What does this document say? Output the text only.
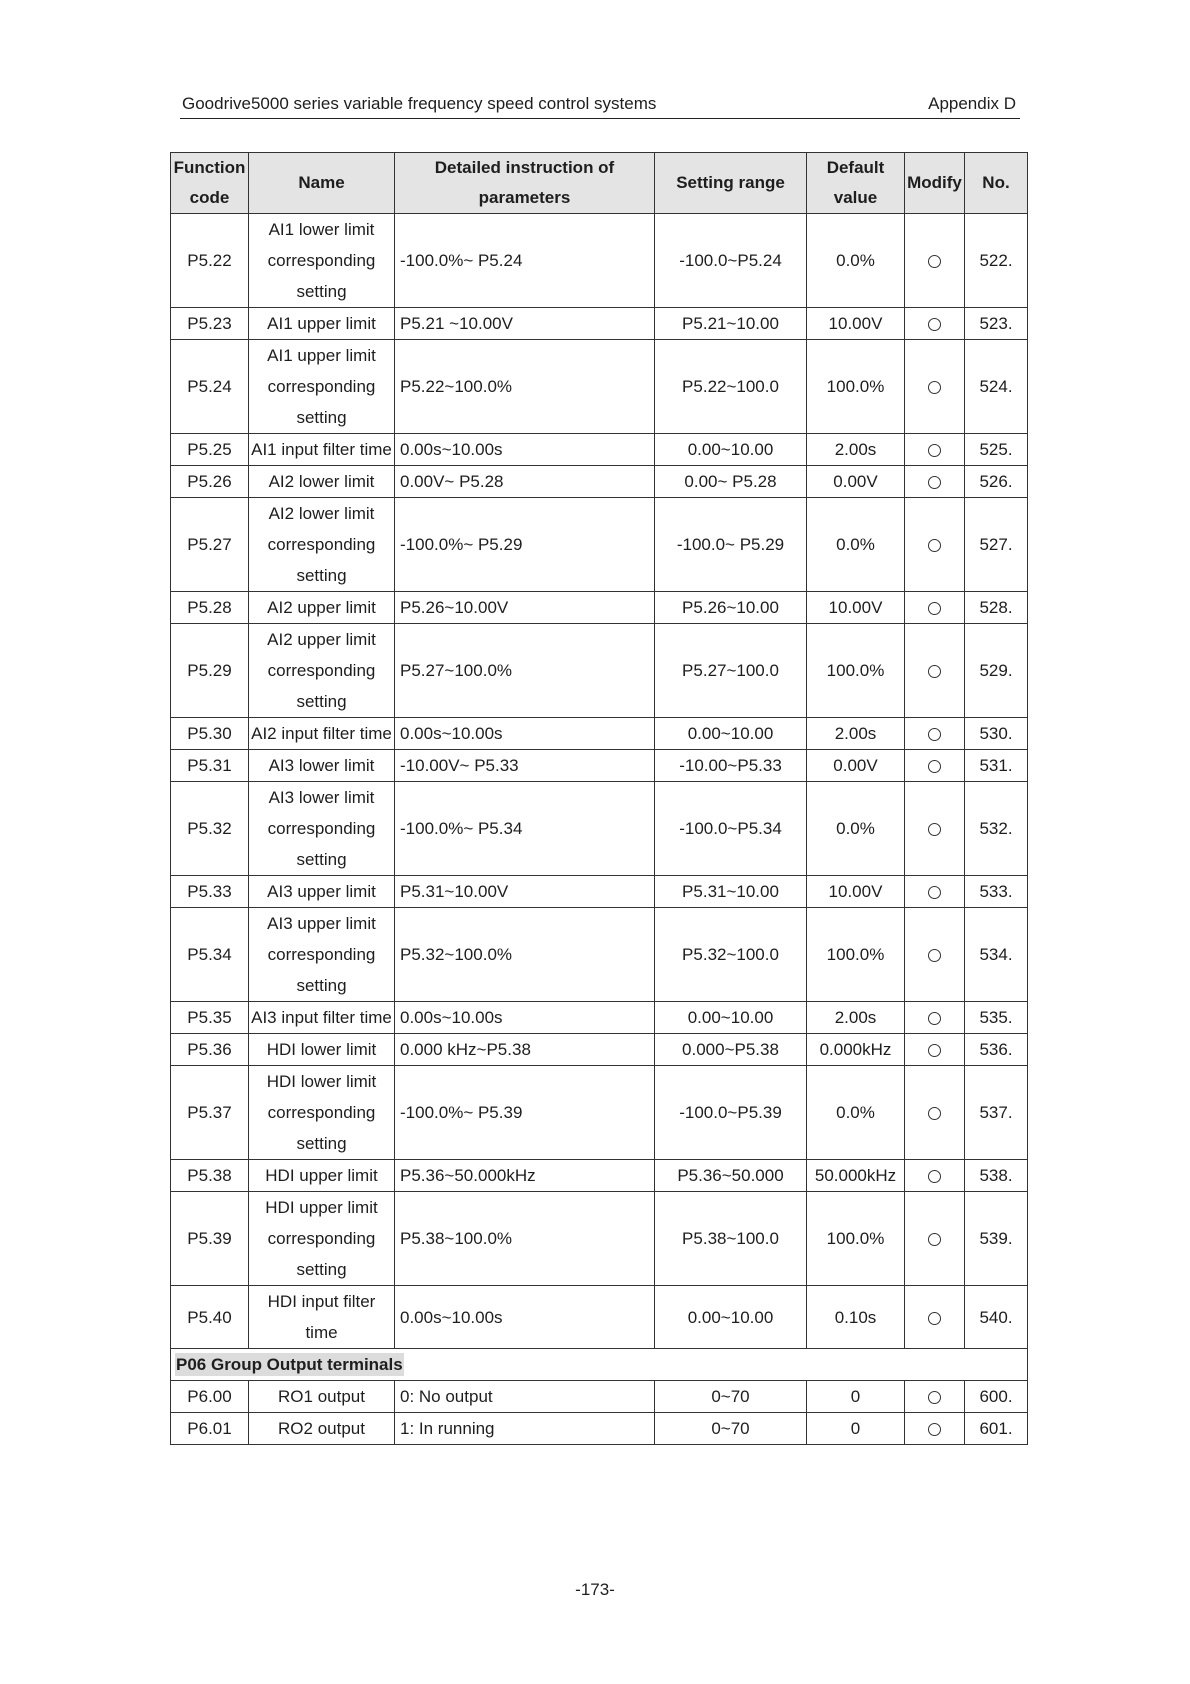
Goodrive5000 series variable frequency speed control systems	Appendix D
Function code	Name	Detailed instruction of parameters	Setting range	Default value	Modify	No.
P5.22	AI1 lower limit corresponding setting	-100.0%~ P5.24	-100.0~P5.24	0.0%		522.
P5.23	AI1 upper limit	P5.21 ~10.00V	P5.21~10.00	10.00V		523.
P5.24	AI1 upper limit corresponding setting	P5.22~100.0%	P5.22~100.0	100.0%		524.
P5.25	AI1 input filter time	0.00s~10.00s	0.00~10.00	2.00s		525.
P5.26	AI2 lower limit	0.00V~ P5.28	0.00~ P5.28	0.00V		526.
P5.27	AI2 lower limit corresponding setting	-100.0%~ P5.29	-100.0~ P5.29	0.0%		527.
P5.28	AI2 upper limit	P5.26~10.00V	P5.26~10.00	10.00V		528.
P5.29	AI2 upper limit corresponding setting	P5.27~100.0%	P5.27~100.0	100.0%		529.
P5.30	AI2 input filter time	0.00s~10.00s	0.00~10.00	2.00s		530.
P5.31	AI3 lower limit	-10.00V~ P5.33	-10.00~P5.33	0.00V		531.
P5.32	AI3 lower limit corresponding setting	-100.0%~ P5.34	-100.0~P5.34	0.0%		532.
P5.33	AI3 upper limit	P5.31~10.00V	P5.31~10.00	10.00V		533.
P5.34	AI3 upper limit corresponding setting	P5.32~100.0%	P5.32~100.0	100.0%		534.
P5.35	AI3 input filter time	0.00s~10.00s	0.00~10.00	2.00s		535.
P5.36	HDI lower limit	0.000 kHz~P5.38	0.000~P5.38	0.000kHz		536.
P5.37	HDI lower limit corresponding setting	-100.0%~ P5.39	-100.0~P5.39	0.0%		537.
P5.38	HDI upper limit	P5.36~50.000kHz	P5.36~50.000	50.000kHz		538.
P5.39	HDI upper limit corresponding setting	P5.38~100.0%	P5.38~100.0	100.0%		539.
P5.40	HDI input filter time	0.00s~10.00s	0.00~10.00	0.10s		540.
P06 Group Output terminals						
P6.00	RO1 output	0: No output	0~70	0		600.
P6.01	RO2 output	1: In running	0~70	0		601.
-173-
